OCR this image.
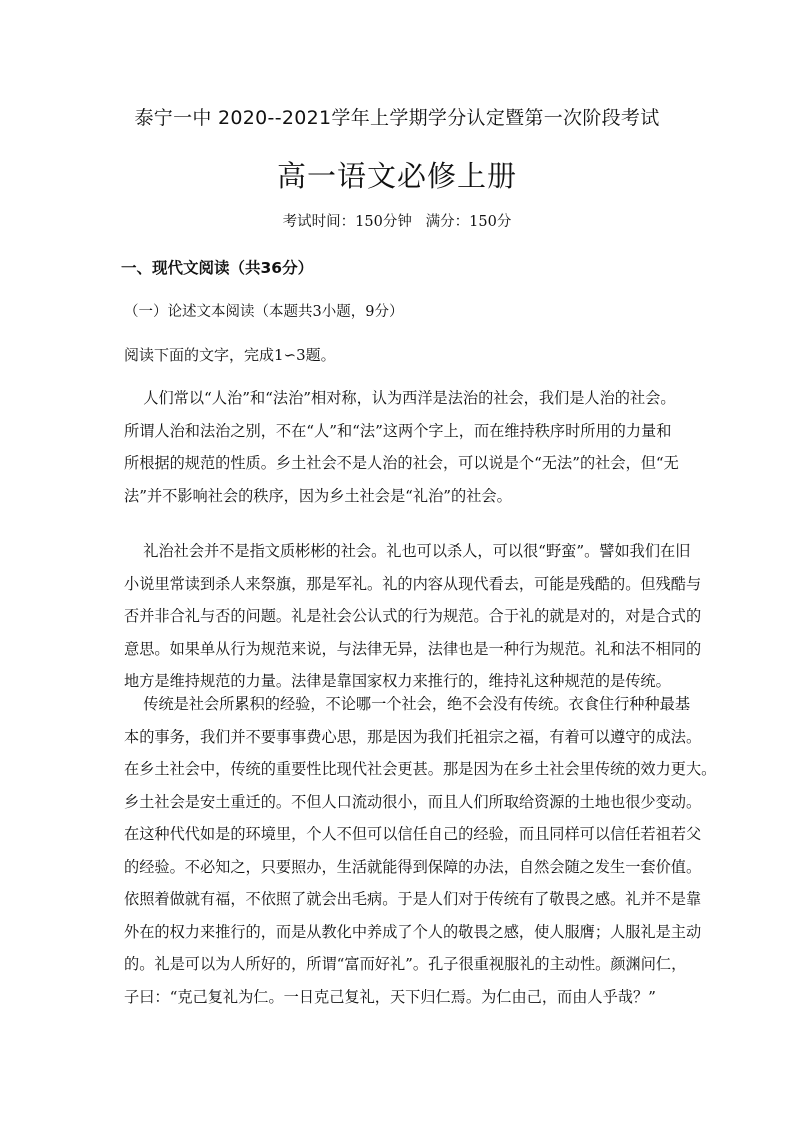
泰宁一中 2020--2021学年上学期学分认定暨第一次阶段考试
高一语文必修上册
考试时间：150分钟   满分：150分
一、现代文阅读（共36分）
（一）论述文本阅读（本题共3小题，9分）
阅读下面的文字，完成1∽3题。

人们常以“人治”和“法治”相对称，认为西洋是法治的社会，我们是人治的社会。

所谓人治和法治之别，不在“人”和“法”这两个字上，而在维持秩序时所用的力量和

所根据的规范的性质。乡土社会不是人治的社会，可以说是个“无法”的社会，但“无

法”并不影响社会的秩序，因为乡土社会是“礼治”的社会。

礼治社会并不是指文质彬彬的社会。礼也可以杀人，可以很“野蛮”。譬如我们在旧

小说里常读到杀人来祭旗，那是军礼。礼的内容从现代看去，可能是残酷的。但残酷与

否并非合礼与否的问题。礼是社会公认式的行为规范。合于礼的就是对的，对是合式的

意思。如果单从行为规范来说，与法律无异，法律也是一种行为规范。礼和法不相同的

地方是维持规范的力量。法律是靠国家权力来推行的，维持礼这种规范的是传统。

传统是社会所累积的经验，不论哪一个社会，绝不会没有传统。衣食住行种种最基

本的事务，我们并不要事事费心思，那是因为我们托祖宗之福，有着可以遵守的成法。

在乡土社会中，传统的重要性比现代社会更甚。那是因为在乡土社会里传统的效力更大。

乡土社会是安土重迁的。不但人口流动很小，而且人们所取给资源的土地也很少变动。

在这种代代如是的环境里，个人不但可以信任自己的经验，而且同样可以信任若祖若父

的经验。不必知之，只要照办，生活就能得到保障的办法，自然会随之发生一套价值。

依照着做就有福，不依照了就会出毛病。于是人们对于传统有了敬畏之感。礼并不是靠

外在的权力来推行的，而是从教化中养成了个人的敬畏之感，使人服膺；人服礼是主动

的。礼是可以为人所好的，所谓“富而好礼”。孔子很重视服礼的主动性。颜渊问仁，

子曰：“克己复礼为仁。一日克己复礼，天下归仁焉。为仁由己，而由人乎哉？”
